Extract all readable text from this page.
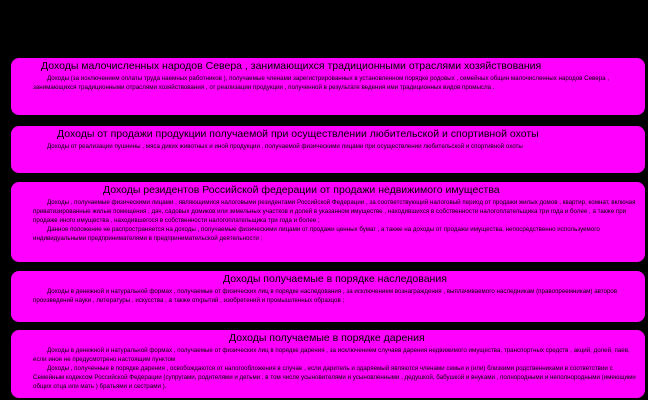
Доходы малочисленных народов Севера , занимающихся традиционными отраслями хозяйствования

Доходы (за исключением оплаты труда наемных работников ), получаемые членами зарегистрированных в установленном порядке родовых , семейных общин малочисленных народов Севера , занимающихся традиционными отраслями хозяйствования , от реализации продукции , полученной в результате ведения ими традиционных видов промысла .

Доходы от продажи продукции получаемой при осуществлении любительской и спортивной охоты

Доходы от реализации пушнины , мяса диких животных и иной продукции , получаемой физическими лицами при осуществлении любительской и спортивной охоты

Доходы резидентов Российской федерации от продажи недвижимого имущества

Доходы , получаемые физическими лицами , являющимися налоговыми резидентами Российской Федерации , за соответствующий налоговый период от продажи жилых домов , квартир, комнат, включая приватизированные жилые помещения , дач, садовых домиков или земельных участков и долей в указанном имуществе , находившихся в собственности налогоплательщика три года и более , а также при продаже иного имущества , находившегося в собственности налогоплательщика три года и более ;

Данное положение не распространяется на доходы , получаемые физическими лицами от продажи ценных бумаг , а также на доходы от продажи имущества, непосредственно используемого индивидуальными предпринимателями в предпринимательской деятельности ;

Доходы получаемые в порядке наследования

Доходы в денежной и натуральной формах , получаемые от физических лиц в порядке наследования , за исключением вознаграждения , выплачиваемого наследникам (правопреемникам) авторов произведений науки , литературы , искусства , а также открытий , изобретений и промышленных образцов ;

Доходы получаемые в порядке дарения

Доходы в денежной и натуральной формах , получаемые от физических лиц в порядке дарения , за исключением случаев дарения недвижимого имущества, транспортных средств , акций, долей, паев, если иное не предусмотрено настоящим пунктом

Доходы , полученные в порядке дарения , освобождаются от налогообложения в случае , если даритель и одаряемый являются членами семьи и (или) близкими родственниками в соответствии с Семейным кодексом Российской Федерации (супругами, родителями и детьми , в том числе усыновителями и усыновленными , дедушкой, бабушкой и внуками , полнородными и неполнородными (имеющими общих отца или мать ) братьями и сестрами ).
